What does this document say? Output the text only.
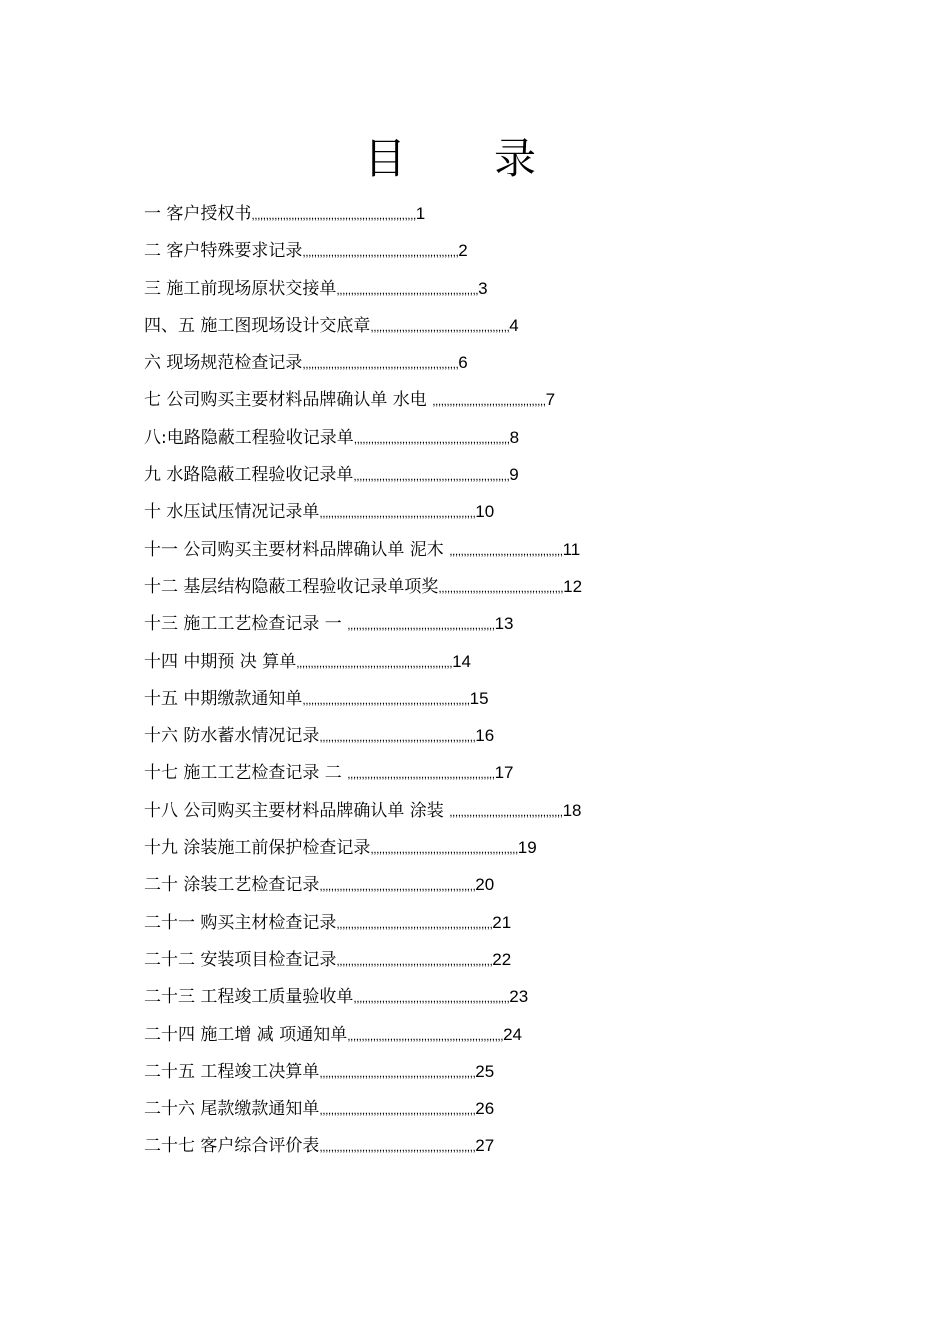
目 录
一 客户授权书,,,,,,,,,,,,,,,,,,,,,,,,,,,,,,,,,,,,,,,,,,,,,,,,,,,,,,,,,,1
二 客户特殊要求记录,,,,,,,,,,,,,,,,,,,,,,,,,,,,,,,,,,,,,,,,,,,,,,,,,,,,,,,2
三 施工前现场原状交接单,,,,,,,,,,,,,,,,,,,,,,,,,,,,,,,,,,,,,,,,,,,,,,,,,,3
四、五 施工图现场设计交底章,,,,,,,,,,,,,,,,,,,,,,,,,,,,,,,,,,,,,,,,,,,,,,,,,4
六 现场规范检查记录,,,,,,,,,,,,,,,,,,,,,,,,,,,,,,,,,,,,,,,,,,,,,,,,,,,,,,,6
七 公司购买主要材料品牌确认单 水电 ,,,,,,,,,,,,,,,,,,,,,,,,,,,,,,,,,,,,,,,,7
八:电路隐蔽工程验收记录单,,,,,,,,,,,,,,,,,,,,,,,,,,,,,,,,,,,,,,,,,,,,,,,,,,,,,,,8
九 水路隐蔽工程验收记录单,,,,,,,,,,,,,,,,,,,,,,,,,,,,,,,,,,,,,,,,,,,,,,,,,,,,,,,9
十 水压试压情况记录单,,,,,,,,,,,,,,,,,,,,,,,,,,,,,,,,,,,,,,,,,,,,,,,,,,,,,,,10
十一 公司购买主要材料品牌确认单 泥木 ,,,,,,,,,,,,,,,,,,,,,,,,,,,,,,,,,,,,,,,,11
十二 基层结构隐蔽工程验收记录单项奖,,,,,,,,,,,,,,,,,,,,,,,,,,,,,,,,,,,,,,,,,,,,12
十三 施工工艺检查记录 一 ,,,,,,,,,,,,,,,,,,,,,,,,,,,,,,,,,,,,,,,,,,,,,,,,,,,,13
十四 中期预 决 算单,,,,,,,,,,,,,,,,,,,,,,,,,,,,,,,,,,,,,,,,,,,,,,,,,,,,,,,14
十五 中期缴款通知单,,,,,,,,,,,,,,,,,,,,,,,,,,,,,,,,,,,,,,,,,,,,,,,,,,,,,,,,,,,15
十六 防水蓄水情况记录,,,,,,,,,,,,,,,,,,,,,,,,,,,,,,,,,,,,,,,,,,,,,,,,,,,,,,,16
十七 施工工艺检查记录 二 ,,,,,,,,,,,,,,,,,,,,,,,,,,,,,,,,,,,,,,,,,,,,,,,,,,,,17
十八 公司购买主要材料品牌确认单 涂装 ,,,,,,,,,,,,,,,,,,,,,,,,,,,,,,,,,,,,,,,,18
十九 涂装施工前保护检查记录,,,,,,,,,,,,,,,,,,,,,,,,,,,,,,,,,,,,,,,,,,,,,,,,,,,,19
二十 涂装工艺检查记录,,,,,,,,,,,,,,,,,,,,,,,,,,,,,,,,,,,,,,,,,,,,,,,,,,,,,,,20
二十一 购买主材检查记录,,,,,,,,,,,,,,,,,,,,,,,,,,,,,,,,,,,,,,,,,,,,,,,,,,,,,,,21
二十二 安装项目检查记录,,,,,,,,,,,,,,,,,,,,,,,,,,,,,,,,,,,,,,,,,,,,,,,,,,,,,,,22
二十三 工程竣工质量验收单,,,,,,,,,,,,,,,,,,,,,,,,,,,,,,,,,,,,,,,,,,,,,,,,,,,,,,,23
二十四 施工增 减 项通知单,,,,,,,,,,,,,,,,,,,,,,,,,,,,,,,,,,,,,,,,,,,,,,,,,,,,,,,24
二十五 工程竣工决算单,,,,,,,,,,,,,,,,,,,,,,,,,,,,,,,,,,,,,,,,,,,,,,,,,,,,,,,25
二十六 尾款缴款通知单,,,,,,,,,,,,,,,,,,,,,,,,,,,,,,,,,,,,,,,,,,,,,,,,,,,,,,,26
二十七 客户综合评价表,,,,,,,,,,,,,,,,,,,,,,,,,,,,,,,,,,,,,,,,,,,,,,,,,,,,,,,27
